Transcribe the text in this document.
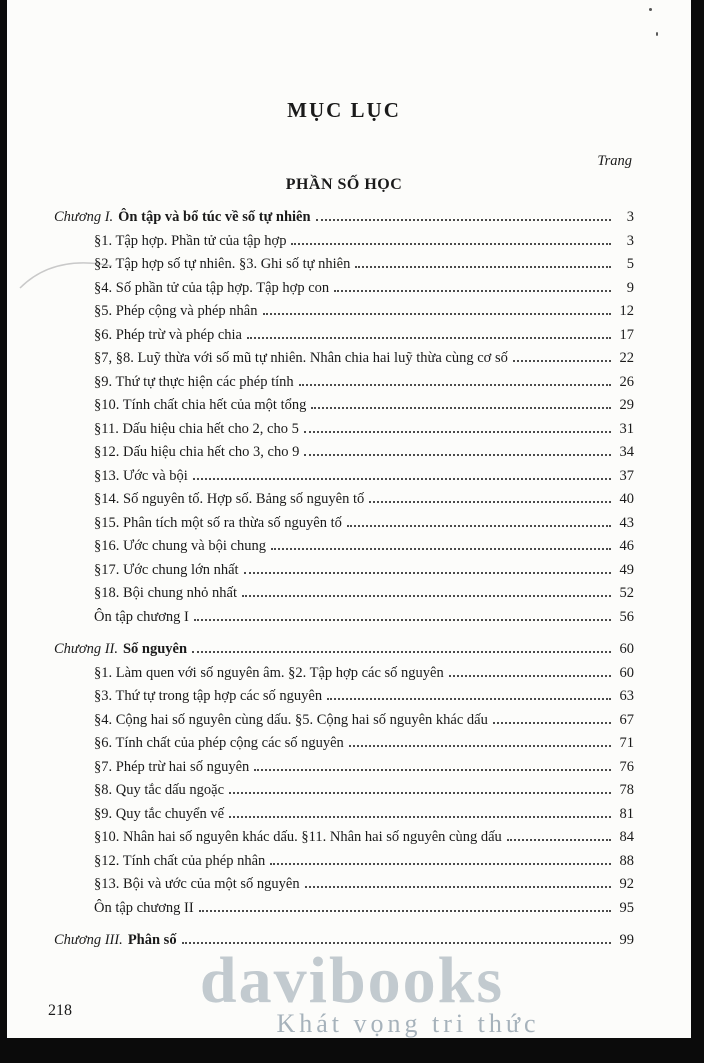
MỤC LỤC
Trang
PHẦN SỐ HỌC
Chương I. Ôn tập và bổ túc về số tự nhiên	3
§1. Tập hợp. Phần tử của tập hợp	3
§2. Tập hợp số tự nhiên. §3. Ghi số tự nhiên	5
§4. Số phần tử của tập hợp. Tập hợp con	9
§5. Phép cộng và phép nhân	12
§6. Phép trừ và phép chia	17
§7, §8. Luỹ thừa với số mũ tự nhiên. Nhân chia hai luỹ thừa cùng cơ số	22
§9. Thứ tự thực hiện các phép tính	26
§10. Tính chất chia hết của một tổng	29
§11. Dấu hiệu chia hết cho 2, cho 5	31
§12. Dấu hiệu chia hết cho 3, cho 9	34
§13. Ước và bội	37
§14. Số nguyên tố. Hợp số. Bảng số nguyên tố	40
§15. Phân tích một số ra thừa số nguyên tố	43
§16. Ước chung và bội chung	46
§17. Ước chung lớn nhất	49
§18. Bội chung nhỏ nhất	52
Ôn tập chương I	56
Chương II. Số nguyên	60
§1. Làm quen với số nguyên âm. §2. Tập hợp các số nguyên	60
§3. Thứ tự trong tập hợp các số nguyên	63
§4. Cộng hai số nguyên cùng dấu. §5. Cộng hai số nguyên khác dấu	67
§6. Tính chất của phép cộng các số nguyên	71
§7. Phép trừ hai số nguyên	76
§8. Quy tắc dấu ngoặc	78
§9. Quy tắc chuyển vế	81
§10. Nhân hai số nguyên khác dấu. §11. Nhân hai số nguyên cùng dấu	84
§12. Tính chất của phép nhân	88
§13. Bội và ước của một số nguyên	92
Ôn tập chương II	95
Chương III. Phân số	99
218	davibooks
Khát vọng tri thức
